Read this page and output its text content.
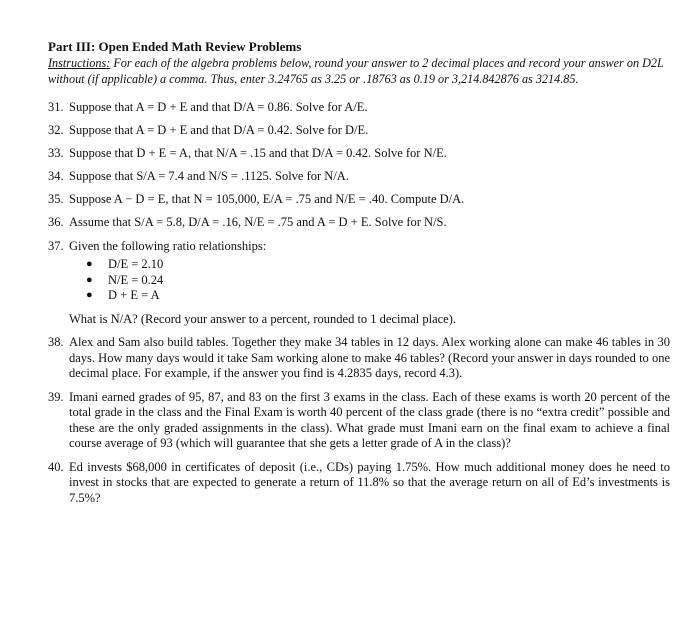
Part III: Open Ended Math Review Problems
Instructions: For each of the algebra problems below, round your answer to 2 decimal places and record your answer on D2L without (if applicable) a comma. Thus, enter 3.24765 as 3.25 or .18763 as 0.19 or 3,214.842876 as 3214.85.
31. Suppose that A = D + E and that D/A = 0.86. Solve for A/E.
32. Suppose that A = D + E and that D/A = 0.42. Solve for D/E.
33. Suppose that D + E = A, that N/A = .15 and that D/A = 0.42. Solve for N/E.
34. Suppose that S/A = 7.4 and N/S = .1125. Solve for N/A.
35. Suppose A − D = E, that N = 105,000, E/A = .75 and N/E = .40. Compute D/A.
36. Assume that S/A = 5.8, D/A = .16, N/E = .75 and A = D + E. Solve for N/S.
37. Given the following ratio relationships:
●	D/E = 2.10
●	N/E = 0.24
●	D + E = A
What is N/A? (Record your answer to a percent, rounded to 1 decimal place).
38. Alex and Sam also build tables. Together they make 34 tables in 12 days. Alex working alone can make 46 tables in 30 days. How many days would it take Sam working alone to make 46 tables? (Record your answer in days rounded to one decimal place. For example, if the answer you find is 4.2835 days, record 4.3).
39. Imani earned grades of 95, 87, and 83 on the first 3 exams in the class. Each of these exams is worth 20 percent of the total grade in the class and the Final Exam is worth 40 percent of the class grade (there is no “extra credit” possible and these are the only graded assignments in the class). What grade must Imani earn on the final exam to achieve a final course average of 93 (which will guarantee that she gets a letter grade of A in the class)?
40. Ed invests $68,000 in certificates of deposit (i.e., CDs) paying 1.75%. How much additional money does he need to invest in stocks that are expected to generate a return of 11.8% so that the average return on all of Ed’s investments is 7.5%?
